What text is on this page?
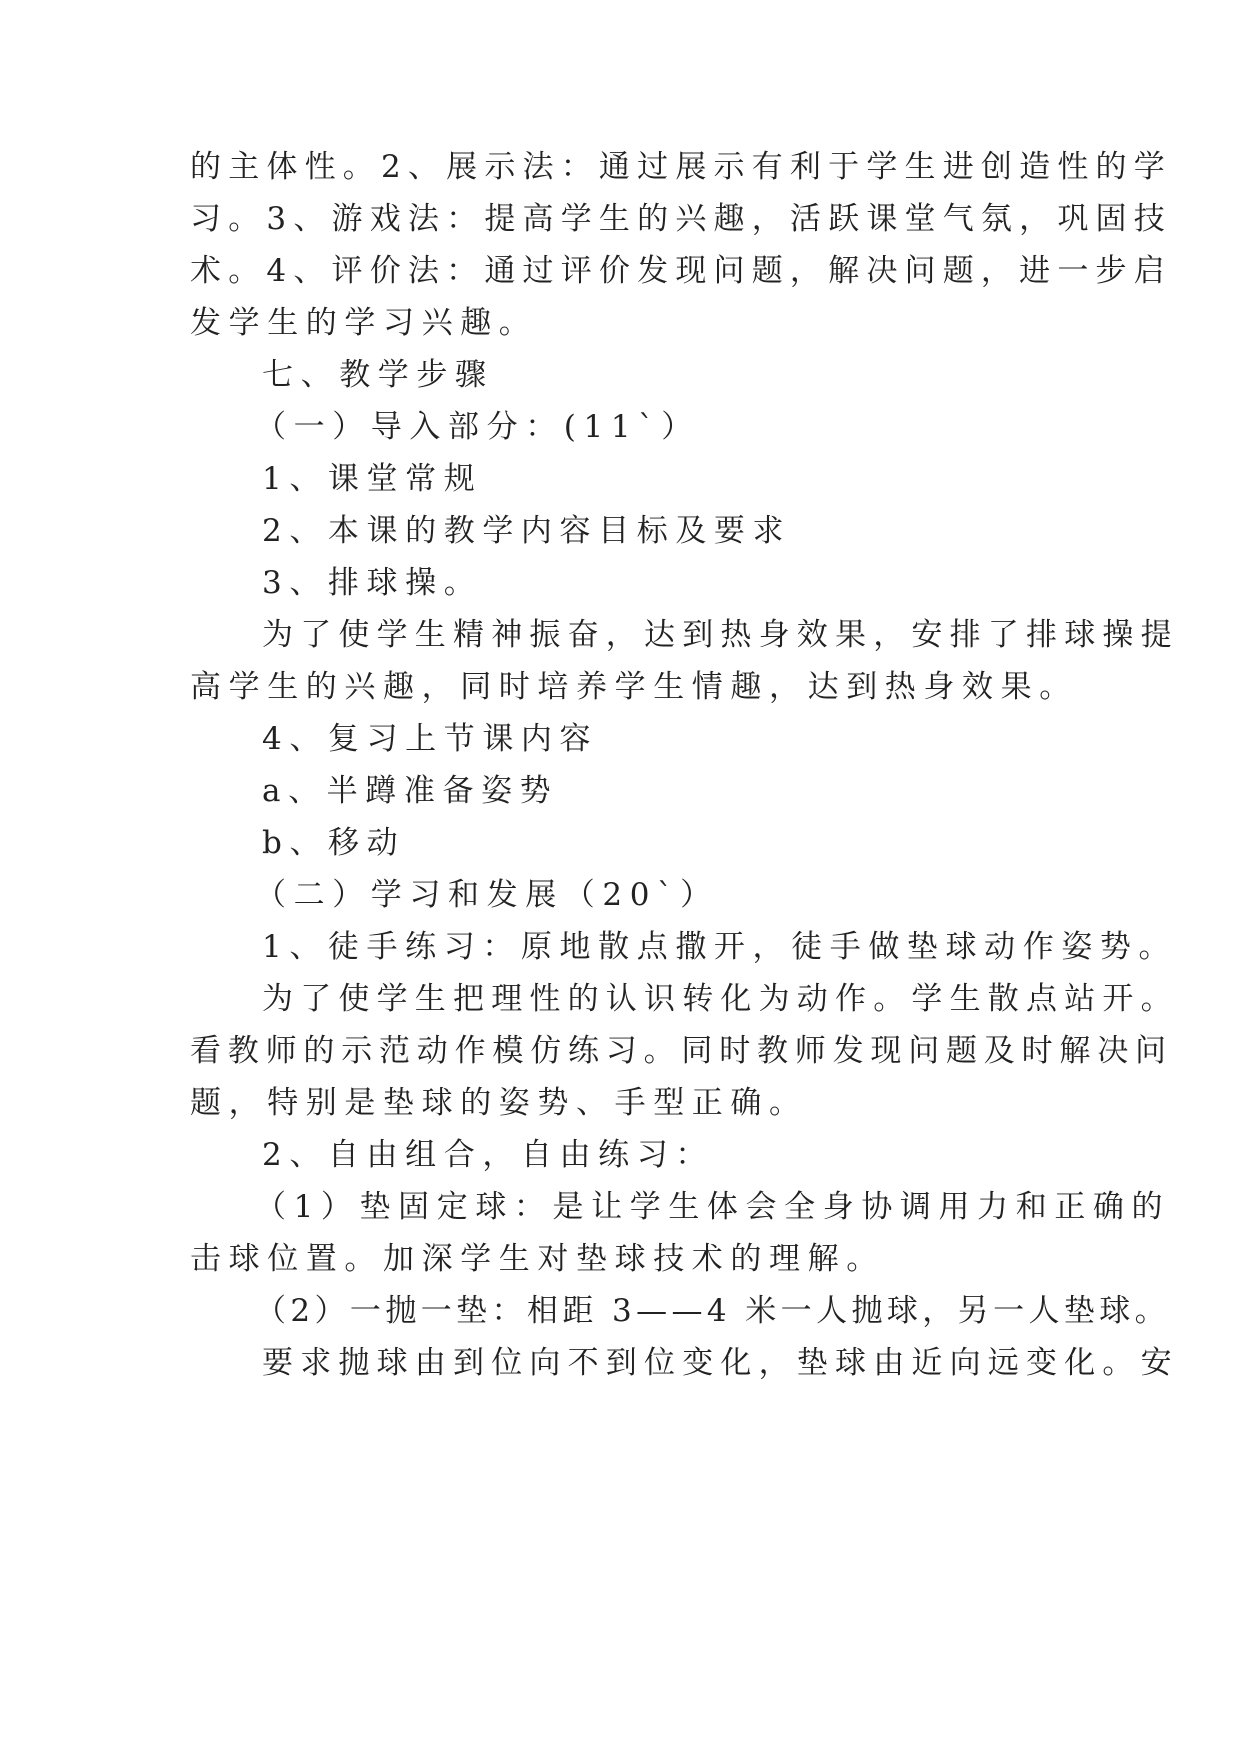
的主体性。2、展示法：通过展示有利于学生进创造性的学
习。3、游戏法：提高学生的兴趣，活跃课堂气氛，巩固技
术。4、评价法：通过评价发现问题，解决问题，进一步启
发学生的学习兴趣。
七、教学步骤
（一）导入部分：(11`）
1、课堂常规
2、本课的教学内容目标及要求
3、排球操。
为了使学生精神振奋，达到热身效果，安排了排球操提
高学生的兴趣，同时培养学生情趣，达到热身效果。
4、复习上节课内容
a、半蹲准备姿势
b、移动
（二）学习和发展（20`）
1、徒手练习：原地散点撒开，徒手做垫球动作姿势。
为了使学生把理性的认识转化为动作。学生散点站开。
看教师的示范动作模仿练习。同时教师发现问题及时解决问
题，特别是垫球的姿势、手型正确。
2、自由组合，自由练习：
（1）垫固定球：是让学生体会全身协调用力和正确的
击球位置。加深学生对垫球技术的理解。
（2）一抛一垫：相距 3——4 米一人抛球，另一人垫球。
要求抛球由到位向不到位变化，垫球由近向远变化。安
